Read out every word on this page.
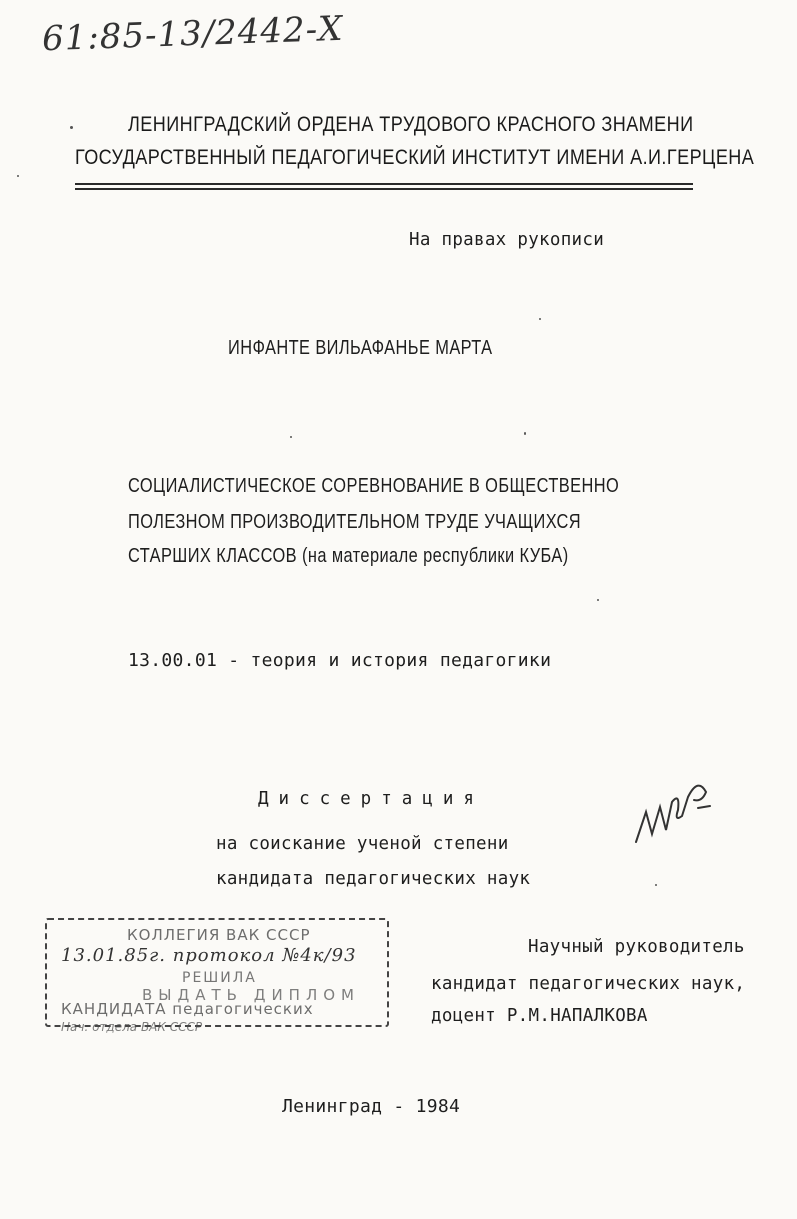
61:85-13/2442-Х
ЛЕНИНГРАДСКИЙ ОРДЕНА ТРУДОВОГО КРАСНОГО ЗНАМЕНИ
ГОСУДАРСТВЕННЫЙ ПЕДАГОГИЧЕСКИЙ ИНСТИТУТ ИМЕНИ А.И.ГЕРЦЕНА
На правах рукописи
ИНФАНТЕ ВИЛЬАФАНЬЕ МАРТА
СОЦИАЛИСТИЧЕСКОЕ СОРЕВНОВАНИЕ В ОБЩЕСТВЕННО
ПОЛЕЗНОМ ПРОИЗВОДИТЕЛЬНОМ ТРУДЕ УЧАЩИХСЯ
СТАРШИХ КЛАССОВ (на материале республики КУБА)
13.00.01 - теория и история педагогики
Диссертация
на соискание ученой степени
кандидата педагогических наук
КОЛЛЕГИЯ ВАК СССР
13.01.85г. протокол №4к/93
РЕШИЛА
ВЫДАТЬ ДИПЛОМ
КАНДИДАТА педагогических
Нач. отдела ВАК СССР
Научный руководитель
кандидат педагогических наук,
доцент Р.М.НАПАЛКОВА
Ленинград - 1984
